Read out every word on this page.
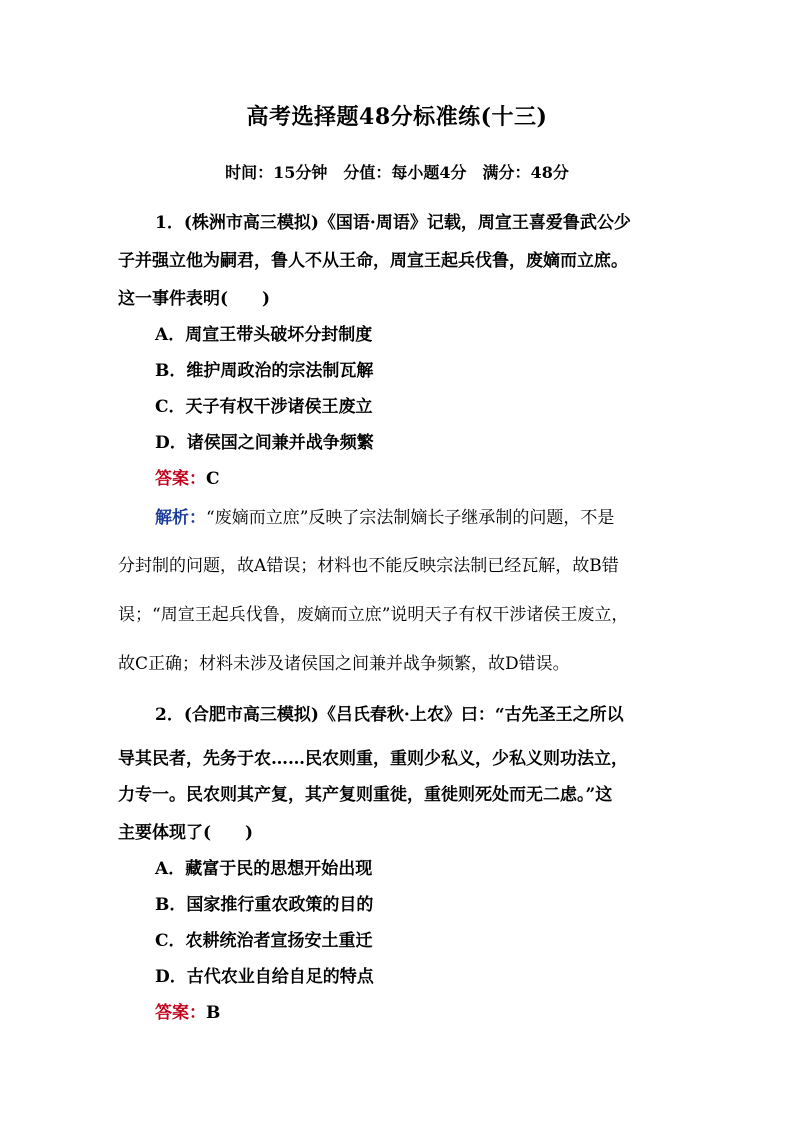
高考选择题48分标准练(十三)
时间：15分钟　分值：每小题4分　满分：48分
1．(株洲市高三模拟)《国语·周语》记载，周宣王喜爱鲁武公少
子并强立他为嗣君，鲁人不从王命，周宣王起兵伐鲁，废嫡而立庶。
这一事件表明(　　)
A．周宣王带头破坏分封制度
B．维护周政治的宗法制瓦解
C．天子有权干涉诸侯王废立
D．诸侯国之间兼并战争频繁
答案：C
解析：“废嫡而立庶”反映了宗法制嫡长子继承制的问题，不是
分封制的问题，故A错误；材料也不能反映宗法制已经瓦解，故B错
误；“周宣王起兵伐鲁，废嫡而立庶”说明天子有权干涉诸侯王废立，
故C正确；材料未涉及诸侯国之间兼并战争频繁，故D错误。
2．(合肥市高三模拟)《吕氏春秋·上农》曰：“古先圣王之所以
导其民者，先务于农……民农则重，重则少私义，少私义则功法立，
力专一。民农则其产复，其产复则重徙，重徙则死处而无二虑。”这
主要体现了(　　)
A．藏富于民的思想开始出现
B．国家推行重农政策的目的
C．农耕统治者宣扬安土重迁
D．古代农业自给自足的特点
答案：B
